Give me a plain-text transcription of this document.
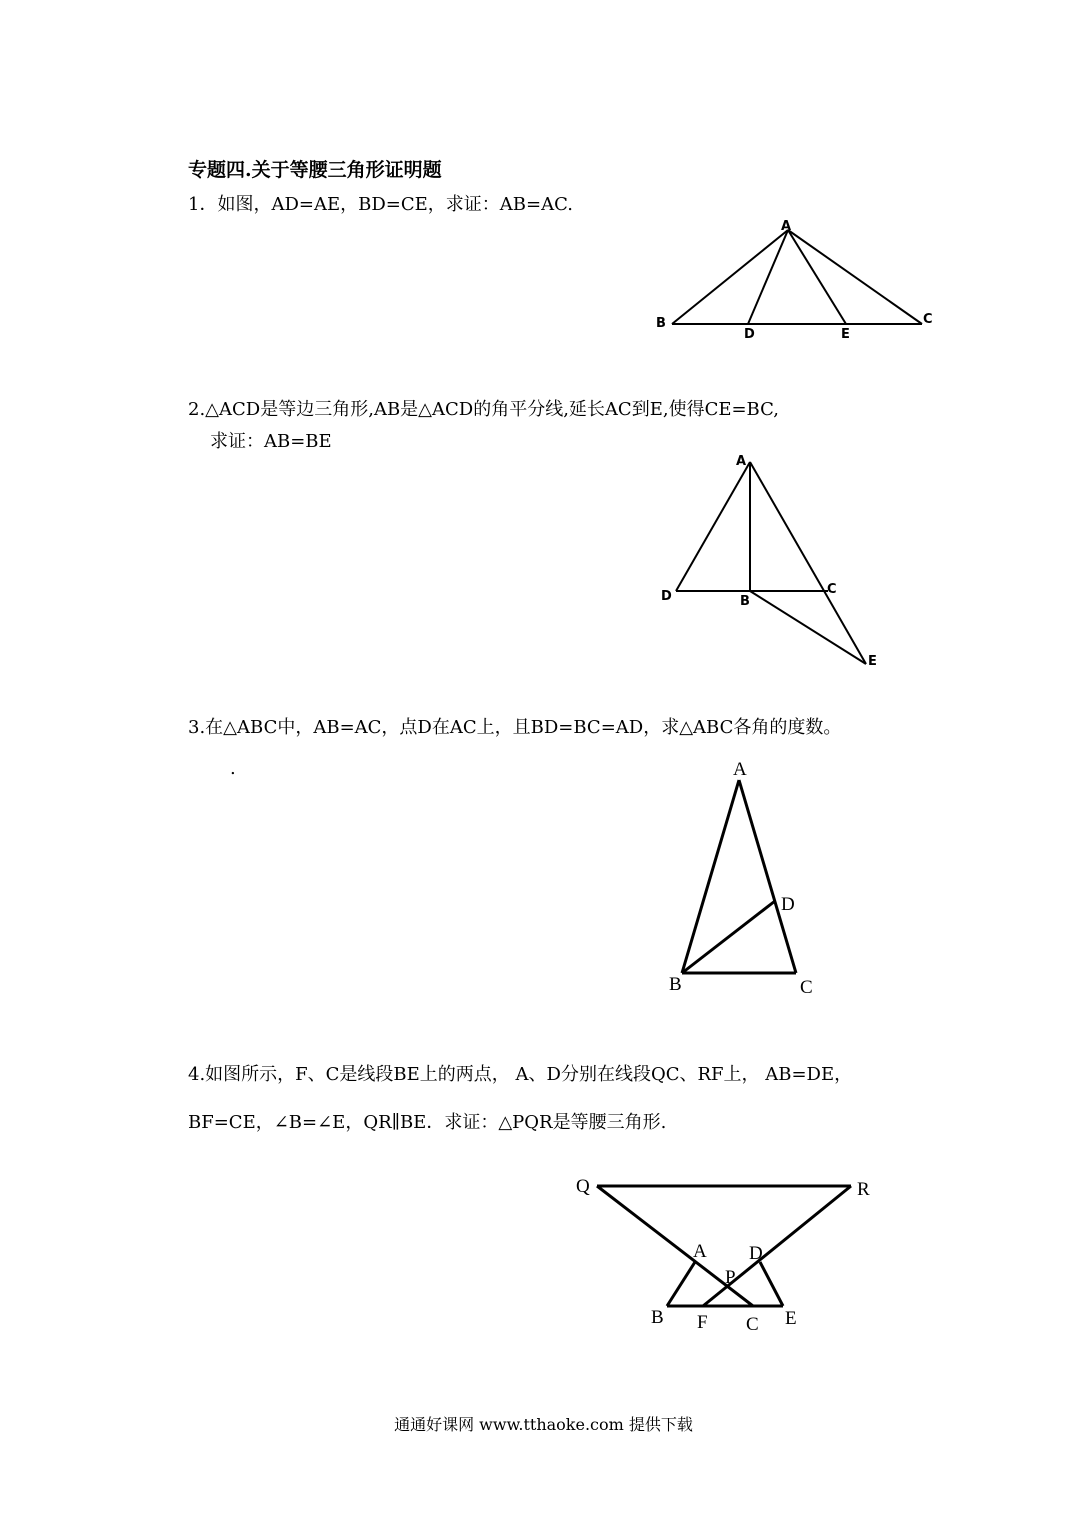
专题四.关于等腰三角形证明题
1．如图，AD=AE，BD=CE，求证：AB=AC.
A
B	C
D	E
2.△ACD是等边三角形,AB是△ACD的角平分线,延长AC到E,使得CE=BC,
求证：AB=BE
A
D	B
C
E
3.在△ABC中，AB=AC，点D在AC上，且BD=BC=AD，求△ABC各角的度数。
.	A
D
B	C
4.如图所示，F、C是线段BE上的两点， A、D分别在线段QC、RF上， AB=DE，
BF=CE，∠B=∠E，QR∥BE．求证：△PQR是等腰三角形.
Q	R
A D
P
B F C E
通通好课网 www.tthaoke.com 提供下载
